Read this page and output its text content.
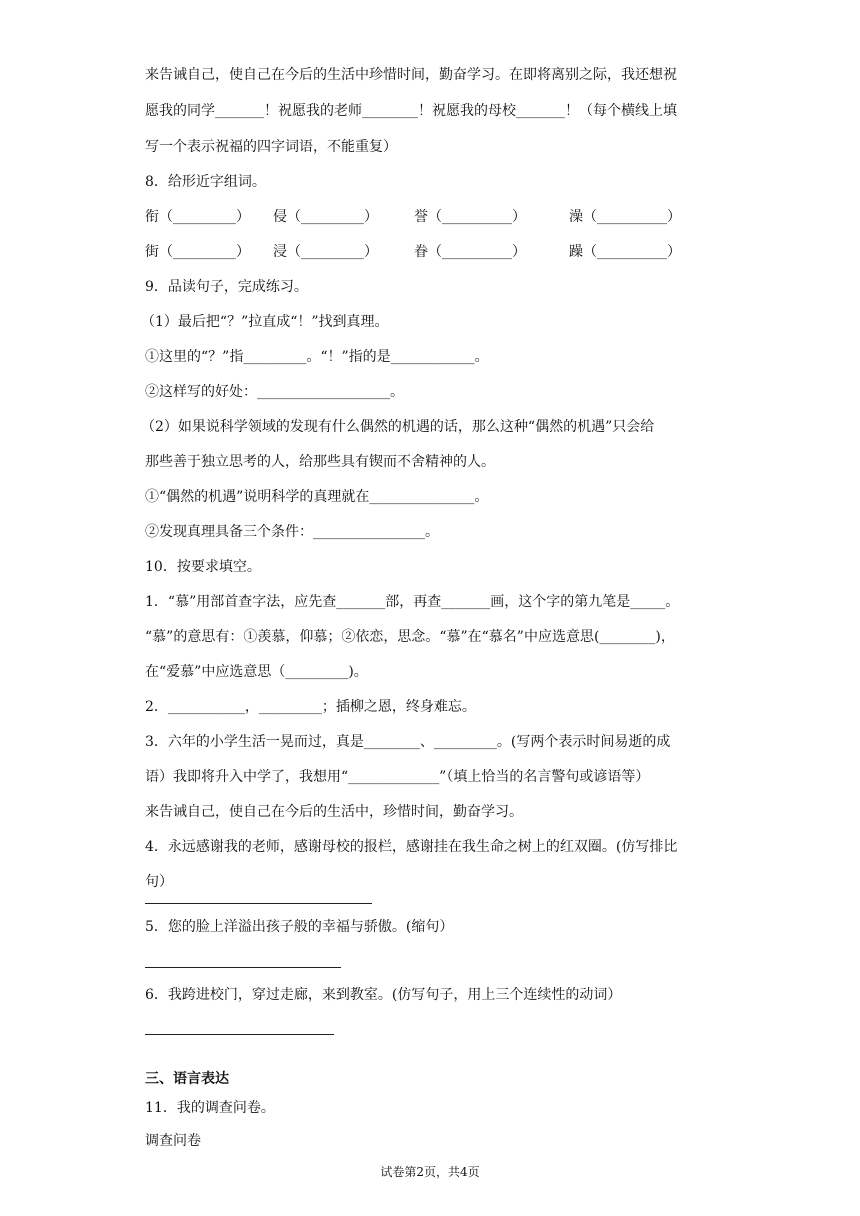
来告诫自己，使自己在今后的生活中珍惜时间，勤奋学习。在即将离别之际，我还想祝
愿我的同学_______！祝愿我的老师________！祝愿我的母校_______！（每个横线上填
写一个表示祝福的四字词语，不能重复）
8．给形近字组词。
衔（_________） 侵（_________）	誉（__________）	澡（__________）
街（_________） 浸（_________）	眷（__________）	躁（__________）
9．品读句子，完成练习。
（1）最后把“？”拉直成“！”找到真理。
①这里的“？”指_________。“！”指的是____________。
②这样写的好处：___________________。
（2）如果说科学领域的发现有什么偶然的机遇的话，那么这种“偶然的机遇”只会给
那些善于独立思考的人，给那些具有锲而不舍精神的人。
①“偶然的机遇”说明科学的真理就在_______________。
②发现真理具备三个条件：________________。
10．按要求填空。
1．“慕”用部首查字法，应先查_______部，再查_______画，这个字的第九笔是_____。
“慕”的意思有：①羡慕，仰慕；②依恋，思念。“慕”在“慕名”中应选意思(________)，
在“爱慕”中应选意思（_________)。
2．___________，_________；插柳之恩，终身难忘。
3．六年的小学生活一晃而过，真是________、_________。(写两个表示时间易逝的成
语）我即将升入中学了，我想用“_____________”（填上恰当的名言警句或谚语等）
来告诫自己，使自己在今后的生活中，珍惜时间，勤奋学习。
4．永远感谢我的老师，感谢母校的报栏，感谢挂在我生命之树上的红双圈。(仿写排比
句）
5．您的脸上洋溢出孩子般的幸福与骄傲。(缩句）
6．我跨进校门，穿过走廊，来到教室。(仿写句子，用上三个连续性的动词）
三、语言表达
11．我的调查问卷。
调查问卷
试卷第2页，共4页
